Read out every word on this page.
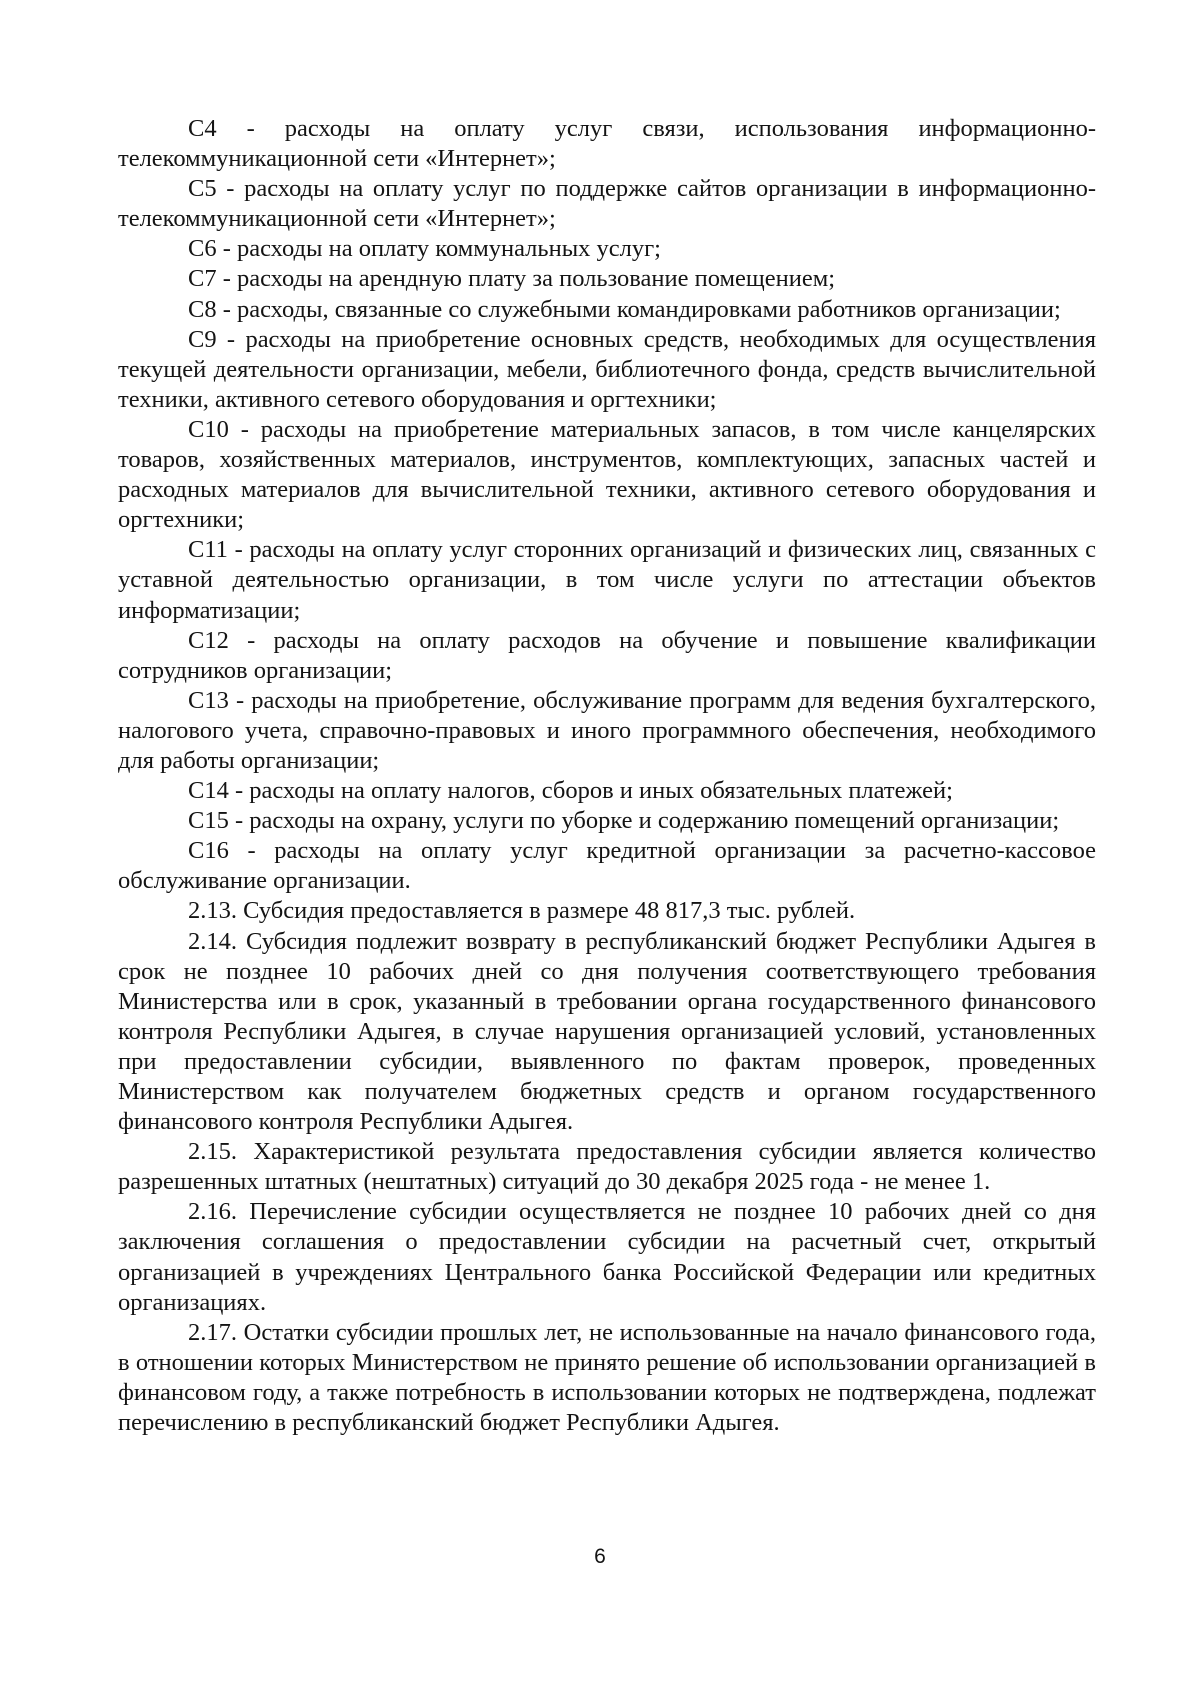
С4 - расходы на оплату услуг связи, использования информационно-телекоммуникационной сети «Интернет»;

С5 - расходы на оплату услуг по поддержке сайтов организации в информационно-телекоммуникационной сети «Интернет»;

С6 - расходы на оплату коммунальных услуг;

С7 - расходы на арендную плату за пользование помещением;

С8 - расходы, связанные со служебными командировками работников организации;

С9 - расходы на приобретение основных средств, необходимых для осуществления текущей деятельности организации, мебели, библиотечного фонда, средств вычислительной техники, активного сетевого оборудования и оргтехники;

С10 - расходы на приобретение материальных запасов, в том числе канцелярских товаров, хозяйственных материалов, инструментов, комплектующих, запасных частей и расходных материалов для вычислительной техники, активного сетевого оборудования и оргтехники;

С11 - расходы на оплату услуг сторонних организаций и физических лиц, связанных с уставной деятельностью организации, в том числе услуги по аттестации объектов информатизации;

С12 - расходы на оплату расходов на обучение и повышение квалификации сотрудников организации;

С13 - расходы на приобретение, обслуживание программ для ведения бухгалтерского, налогового учета, справочно-правовых и иного программного обеспечения, необходимого для работы организации;

С14 - расходы на оплату налогов, сборов и иных обязательных платежей;

С15 - расходы на охрану, услуги по уборке и содержанию помещений организации;

С16 - расходы на оплату услуг кредитной организации за расчетно-кассовое обслуживание организации.

2.13. Субсидия предоставляется в размере 48 817,3 тыс. рублей.

2.14. Субсидия подлежит возврату в республиканский бюджет Республики Адыгея в срок не позднее 10 рабочих дней со дня получения соответствующего требования Министерства или в срок, указанный в требовании органа государственного финансового контроля Республики Адыгея, в случае нарушения организацией условий, установленных при предоставлении субсидии, выявленного по фактам проверок, проведенных Министерством как получателем бюджетных средств и органом государственного финансового контроля Республики Адыгея.

2.15. Характеристикой результата предоставления субсидии является количество разрешенных штатных (нештатных) ситуаций до 30 декабря 2025 года - не менее 1.

2.16. Перечисление субсидии осуществляется не позднее 10 рабочих дней со дня заключения соглашения о предоставлении субсидии на расчетный счет, открытый организацией в учреждениях Центрального банка Российской Федерации или кредитных организациях.

2.17. Остатки субсидии прошлых лет, не использованные на начало финансового года, в отношении которых Министерством не принято решение об использовании организацией в финансовом году, а также потребность в использовании которых не подтверждена, подлежат перечислению в республиканский бюджет Республики Адыгея.

6
